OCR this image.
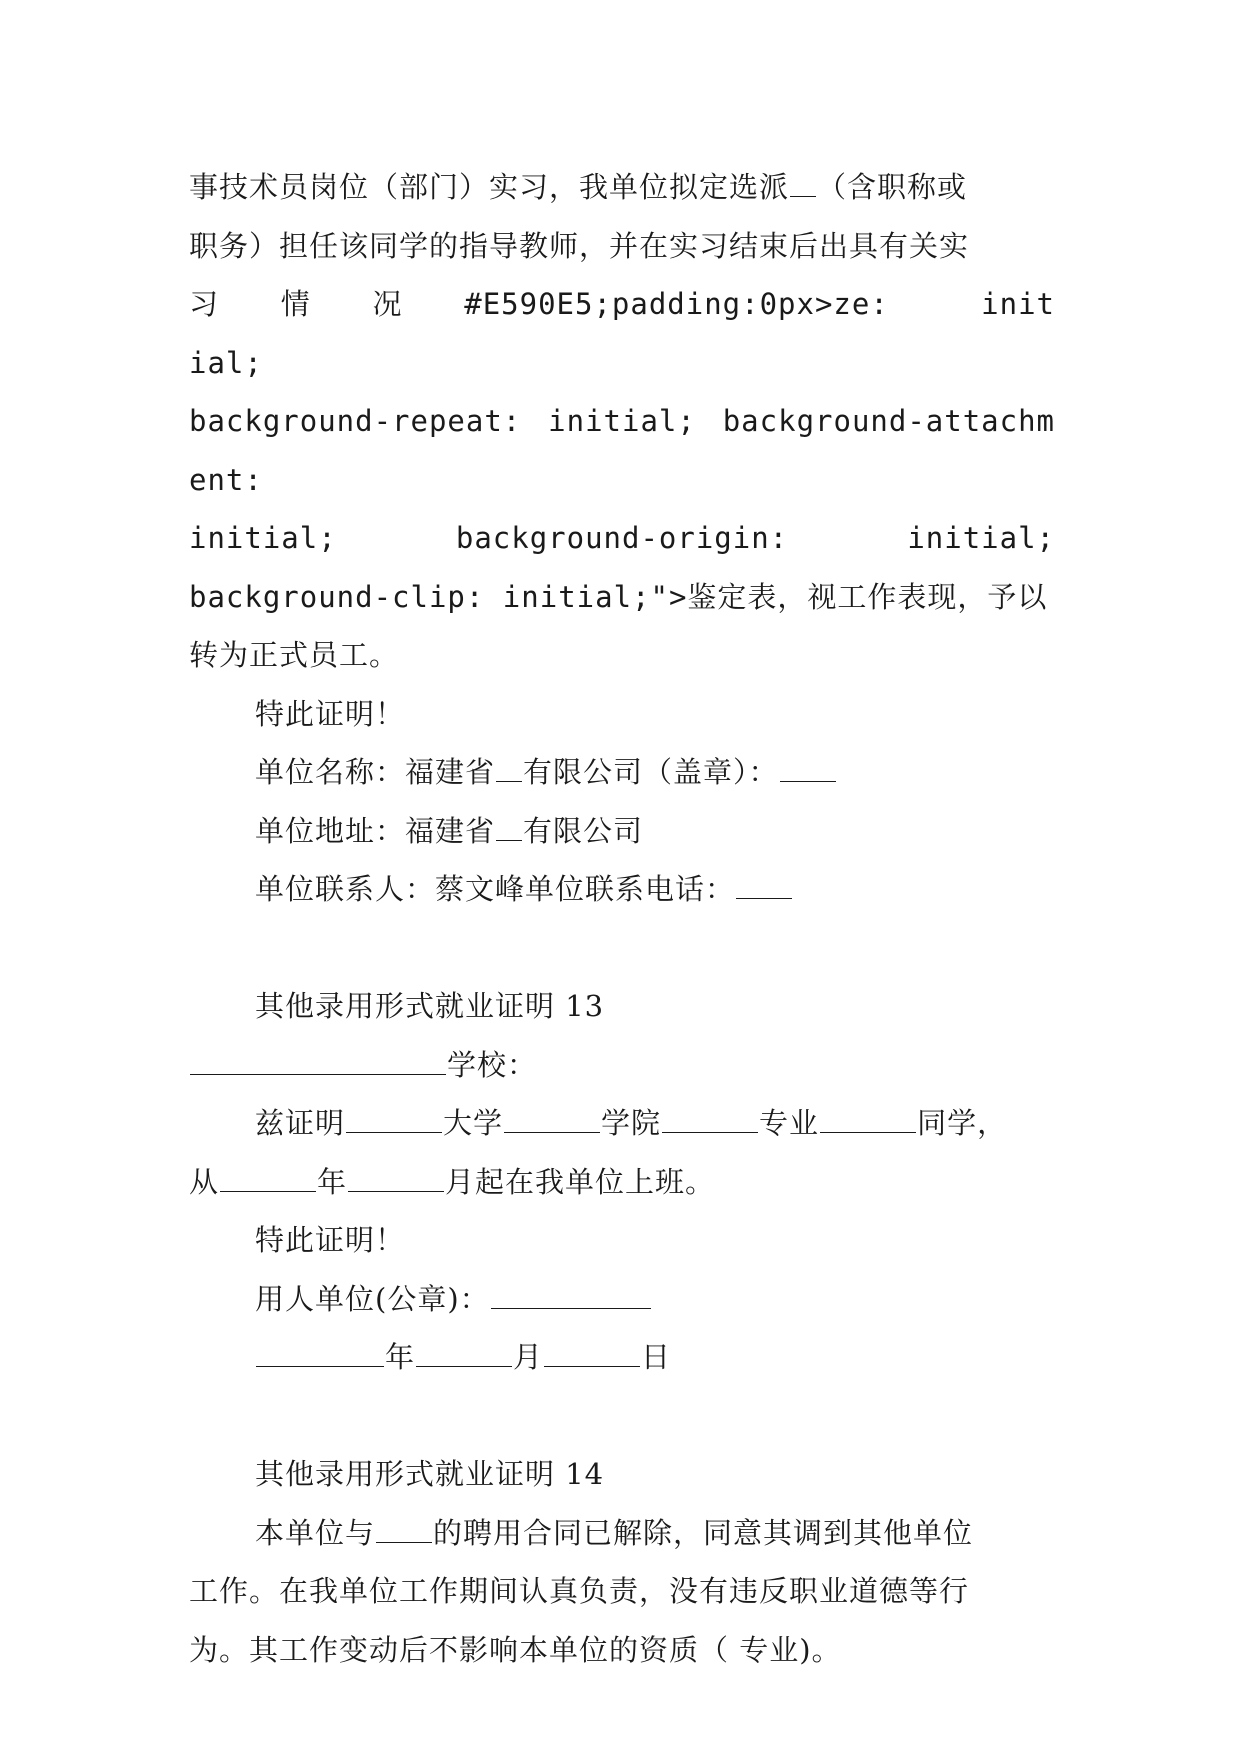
事技术员岗位（部门）实习，我单位拟定选派 （含职称或
职务）担任该同学的指导教师，并在实习结束后出具有关实

习　　情　　况　　#E590E5;padding:0px>ze:　　　initial;

background-repeat: initial; background-attachment:

initial; background-origin: initial;

background-clip: initial;">鉴定表，视工作表现，予以

转为正式员工。

特此证明！

单位名称：福建省 有限公司（盖章）：

单位地址：福建省 有限公司

单位联系人：蔡文峰单位联系电话：

其他录用形式就业证明 13

学校：

兹证明	大学	学院	专业	同学，
从	年	月起在我单位上班。

特此证明！

用人单位(公章)：

年	月	日

其他录用形式就业证明 14

本单位与 的聘用合同已解除，同意其调到其他单位

工作。在我单位工作期间认真负责，没有违反职业道德等行

为。其工作变动后不影响本单位的资质（ 专业)。
